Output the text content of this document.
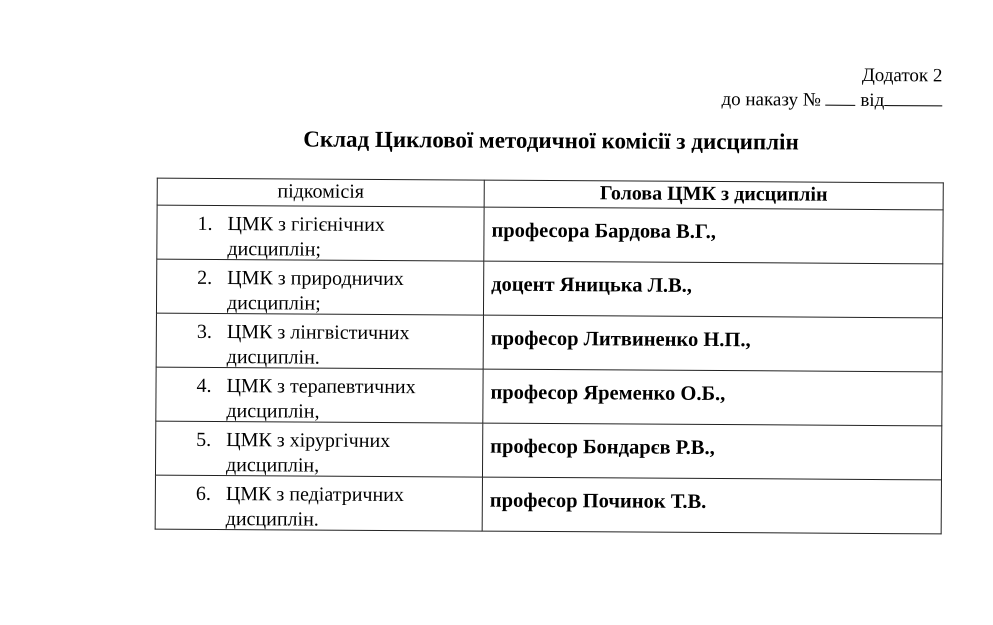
Додаток 2
до наказу № від
Склад Циклової методичної комісії з дисциплін
підкомісія	Голова ЦМК з дисциплін

1. ЦМК з гігієнічних дисциплін;	професора Бардова В.Г.,

2. ЦМК з природничих дисциплін;	доцент Яницька Л.В.,

3. ЦМК з лінгвістичних дисциплін.	професор Литвиненко Н.П.,

4. ЦМК з терапевтичних дисциплін,	професор Яременко О.Б.,

5. ЦМК з хірургічних дисциплін,	професор Бондарєв Р.В.,

6. ЦМК з педіатричних дисциплін.	професор Починок Т.В.
